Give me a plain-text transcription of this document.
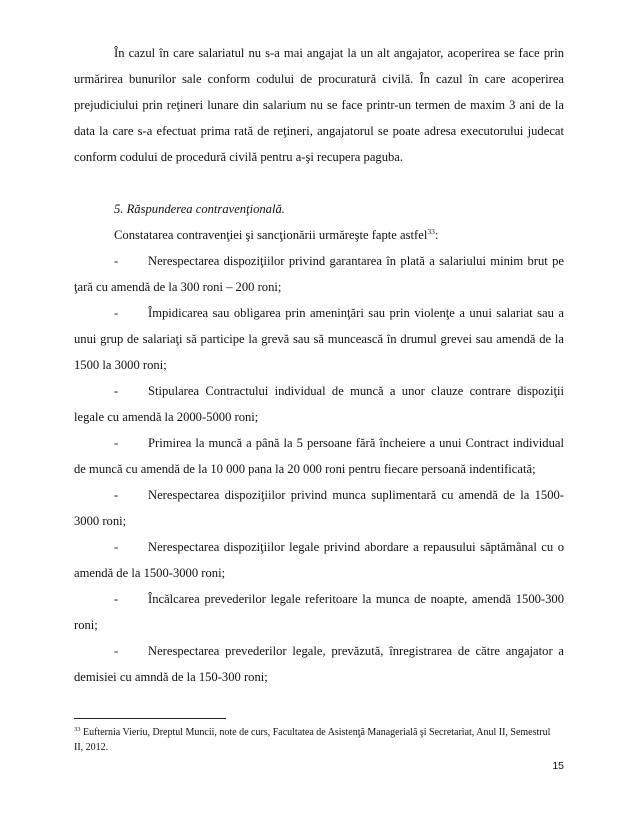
În cazul în care salariatul nu s-a mai angajat la un alt angajator, acoperirea se face prin urmărirea bunurilor sale conform codului de procuratură civilă. În cazul în care acoperirea prejudiciului prin reţineri lunare din salarium nu se face printr-un termen de maxim 3 ani de la data la care s-a efectuat prima rată de reţineri, angajatorul se poate adresa executorului judecat conform codului de procedură civilă pentru a-şi recupera paguba.

5. Răspunderea contravenţională.

Constatarea contravenţiei şi sancţionării urmăreşte fapte astfel$^{33}$:

- Nerespectarea dispoziţiilor privind garantarea în plată a salariului minim brut pe ţară cu amendă de la 300 roni – 200 roni;

- Împidicarea sau obligarea prin ameninţări sau prin violenţe a unui salariat sau a unui grup de salariaţi să participe la grevă sau să muncească în drumul grevei sau amendă de la 1500 la 3000 roni;

- Stipularea Contractului individual de muncă a unor clauze contrare dispoziţii legale cu amendă la 2000-5000 roni;

- Primirea la muncă a până la 5 persoane fără încheiere a unui Contract individual de muncă cu amendă de la 10 000 pana la 20 000 roni pentru fiecare persoană indentificată;

- Nerespectarea dispoziţiilor privind munca suplimentară cu amendă de la 1500-3000 roni;

- Nerespectarea dispoziţiilor legale privind abordare a repausului săptămânal cu o amendă de la 1500-3000 roni;

- Încălcarea prevederilor legale referitoare la munca de noapte, amendă 1500-300 roni;

- Nerespectarea prevederilor legale, prevăzută, înregistrarea de către angajator a demisiei cu amndă de la 150-300 roni;

$^{33}$ Eufternia Vieriu, Dreptul Muncii, note de curs, Facultatea de Asistenţă Managerială şi Secretariat, Anul II, Semestrul II, 2012.

15
